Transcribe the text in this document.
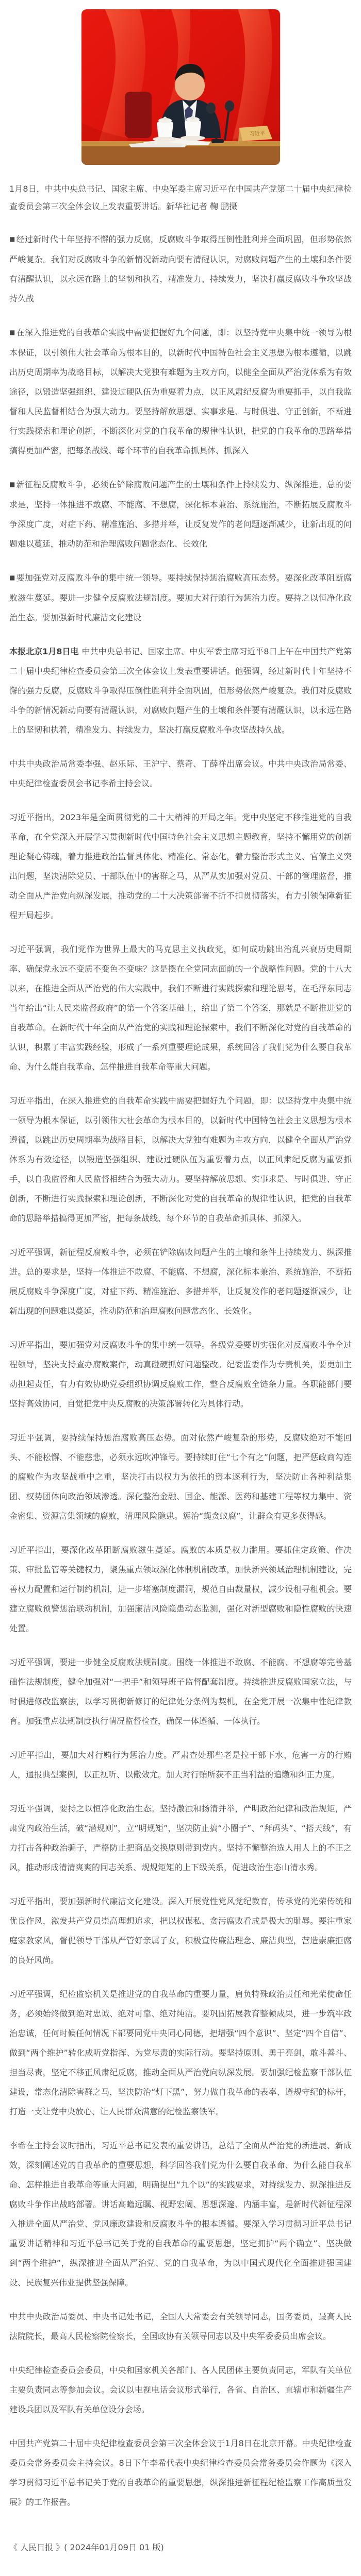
习近平

1月8日，中共中央总书记、国家主席、中央军委主席习近平在中国共产党第二十届中央纪律检查委员会第三次全体会议上发表重要讲话。新华社记者 鞠 鹏摄

■ 经过新时代十年坚持不懈的强力反腐，反腐败斗争取得压倒性胜利并全面巩固，但形势依然严峻复杂。我们对反腐败斗争的新情况新动向要有清醒认识，对腐败问题产生的土壤和条件要有清醒认识，以永远在路上的坚韧和执着，精准发力、持续发力，坚决打赢反腐败斗争攻坚战持久战

■ 在深入推进党的自我革命实践中需要把握好九个问题，即：以坚持党中央集中统一领导为根本保证，以引领伟大社会革命为根本目的，以新时代中国特色社会主义思想为根本遵循，以跳出历史周期率为战略目标，以解决大党独有难题为主攻方向，以健全全面从严治党体系为有效途径，以锻造坚强组织、建设过硬队伍为重要着力点，以正风肃纪反腐为重要抓手，以自我监督和人民监督相结合为强大动力。要坚持解放思想、实事求是、与时俱进、守正创新，不断进行实践探索和理论创新，不断深化对党的自我革命的规律性认识，把党的自我革命的思路举措搞得更加严密，把每条战线、每个环节的自我革命抓具体、抓深入

■ 新征程反腐败斗争，必须在铲除腐败问题产生的土壤和条件上持续发力、纵深推进。总的要求是，坚持一体推进不敢腐、不能腐、不想腐，深化标本兼治、系统施治，不断拓展反腐败斗争深度广度，对症下药、精准施治、多措并举，让反复发作的老问题逐渐减少，让新出现的问题难以蔓延，推动防范和治理腐败问题常态化、长效化

■ 要加强党对反腐败斗争的集中统一领导。要持续保持惩治腐败高压态势。要深化改革阻断腐败滋生蔓延。要进一步健全反腐败法规制度。要加大对行贿行为惩治力度。要持之以恒净化政治生态。要加强新时代廉洁文化建设

本报北京1月8日电 中共中央总书记、国家主席、中央军委主席习近平8日上午在中国共产党第二十届中央纪律检查委员会第三次全体会议上发表重要讲话。他强调，经过新时代十年坚持不懈的强力反腐，反腐败斗争取得压倒性胜利并全面巩固，但形势依然严峻复杂。我们对反腐败斗争的新情况新动向要有清醒认识，对腐败问题产生的土壤和条件要有清醒认识，以永远在路上的坚韧和执着，精准发力、持续发力，坚决打赢反腐败斗争攻坚战持久战。

中共中央政治局常委李强、赵乐际、王沪宁、蔡奇、丁薛祥出席会议。中共中央政治局常委、中央纪律检查委员会书记李希主持会议。

习近平指出，2023年是全面贯彻党的二十大精神的开局之年。党中央坚定不移推进党的自我革命，在全党深入开展学习贯彻新时代中国特色社会主义思想主题教育，坚持不懈用党的创新理论凝心铸魂，着力推进政治监督具体化、精准化、常态化，着力整治形式主义、官僚主义突出问题，坚决清除党员、干部队伍中的害群之马，从严从实加强对党员、干部的管理监督，推动全面从严治党向纵深发展，推动党的二十大决策部署不折不扣贯彻落实，有力引领保障新征程开局起步。

习近平强调，我们党作为世界上最大的马克思主义执政党，如何成功跳出治乱兴衰历史周期率、确保党永远不变质不变色不变味？这是摆在全党同志面前的一个战略性问题。党的十八大以来，在推进全面从严治党的伟大实践中，我们不断进行实践探索和理论思考，在毛泽东同志当年给出“让人民来监督政府”的第一个答案基础上，给出了第二个答案，那就是不断推进党的自我革命。在新时代十年全面从严治党的实践和理论探索中，我们不断深化对党的自我革命的认识，积累了丰富实践经验，形成了一系列重要理论成果，系统回答了我们党为什么要自我革命、为什么能自我革命、怎样推进自我革命等重大问题。

习近平指出，在深入推进党的自我革命实践中需要把握好九个问题，即：以坚持党中央集中统一领导为根本保证，以引领伟大社会革命为根本目的，以新时代中国特色社会主义思想为根本遵循，以跳出历史周期率为战略目标，以解决大党独有难题为主攻方向，以健全全面从严治党体系为有效途径，以锻造坚强组织、建设过硬队伍为重要着力点，以正风肃纪反腐为重要抓手，以自我监督和人民监督相结合为强大动力。要坚持解放思想、实事求是、与时俱进、守正创新，不断进行实践探索和理论创新，不断深化对党的自我革命的规律性认识，把党的自我革命的思路举措搞得更加严密，把每条战线、每个环节的自我革命抓具体、抓深入。

习近平强调，新征程反腐败斗争，必须在铲除腐败问题产生的土壤和条件上持续发力、纵深推进。总的要求是，坚持一体推进不敢腐、不能腐、不想腐，深化标本兼治、系统施治，不断拓展反腐败斗争深度广度，对症下药、精准施治、多措并举，让反复发作的老问题逐渐减少，让新出现的问题难以蔓延，推动防范和治理腐败问题常态化、长效化。

习近平指出，要加强党对反腐败斗争的集中统一领导。各级党委要切实强化对反腐败斗争全过程领导，坚决支持查办腐败案件，动真碰硬抓好问题整改。纪委监委作为专责机关，要更加主动担起责任，有力有效协助党委组织协调反腐败工作，整合反腐败全链条力量。各职能部门要坚持高效协同，自觉把党中央反腐败的决策部署转化为具体行动。

习近平强调，要持续保持惩治腐败高压态势。面对依然严峻复杂的形势，反腐败绝对不能回头、不能松懈、不能慈悲，必须永远吹冲锋号。要持续盯住“七个有之”问题，把严惩政商勾连的腐败作为攻坚战重中之重，坚决打击以权力为依托的资本逐利行为，坚决防止各种利益集团、权势团体向政治领域渗透。深化整治金融、国企、能源、医药和基建工程等权力集中、资金密集、资源富集领域的腐败，清理风险隐患。惩治“蝇贪蚁腐”，让群众有更多获得感。

习近平指出，要深化改革阻断腐败滋生蔓延。腐败的本质是权力滥用。要抓住定政策、作决策、审批监管等关键权力，聚焦重点领域深化体制机制改革，加快新兴领域治理机制建设，完善权力配置和运行制约机制，进一步堵塞制度漏洞，规范自由裁量权，减少设租寻租机会。要建立腐败预警惩治联动机制，加强廉洁风险隐患动态监测，强化对新型腐败和隐性腐败的快速处置。

习近平强调，要进一步健全反腐败法规制度。围绕一体推进不敢腐、不能腐、不想腐等完善基础性法规制度，健全加强对“一把手”和领导班子监督配套制度。持续推进反腐败国家立法，与时俱进修改监察法，以学习贯彻新修订的纪律处分条例为契机，在全党开展一次集中性纪律教育。加强重点法规制度执行情况监督检查，确保一体遵循、一体执行。

习近平指出，要加大对行贿行为惩治力度。严肃查处那些老是拉干部下水、危害一方的行贿人，通报典型案例，以正视听、以儆效尤。加大对行贿所获不正当利益的追缴和纠正力度。

习近平强调，要持之以恒净化政治生态。坚持激浊和扬清并举，严明政治纪律和政治规矩，严肃党内政治生活，破“潜规则”，立“明规矩”，坚决防止搞“小圈子”、“拜码头”、“搭天线”，有力打击各种政治骗子，严格防止把商品交换原则带到党内。坚持不懈整治选人用人上的不正之风，推动形成清清爽爽的同志关系、规规矩矩的上下级关系，促进政治生态山清水秀。

习近平指出，要加强新时代廉洁文化建设。深入开展党性党风党纪教育，传承党的光荣传统和优良作风，激发共产党员崇高理想追求，把以权谋私、贪污腐败看成是极大的耻辱。要注重家庭家教家风，督促领导干部从严管好亲属子女，积极宣传廉洁理念、廉洁典型，营造崇廉拒腐的良好风尚。

习近平强调，纪检监察机关是推进党的自我革命的重要力量，肩负特殊政治责任和光荣使命任务，必须始终做到绝对忠诚、绝对可靠、绝对纯洁。要巩固拓展教育整顿成果，进一步筑牢政治忠诚，任何时候任何情况下都要同党中央同心同德，把增强“四个意识”、坚定“四个自信”、做到“两个维护”转化成听党指挥、为党尽责的实际行动。要坚持原则、勇于亮剑，敢斗善斗、担当尽责，坚定不移正风肃纪反腐，推动全面从严治党向纵深发展。要加强纪检监察干部队伍建设，常态化清除害群之马，坚决防治“灯下黑”，努力做自我革命的表率、遵规守纪的标杆，打造一支让党中央放心、让人民群众满意的纪检监察铁军。

李希在主持会议时指出，习近平总书记发表的重要讲话，总结了全面从严治党的新进展、新成效，深刻阐述党的自我革命的重要思想，科学回答我们党为什么要自我革命、为什么能自我革命、怎样推进自我革命等重大问题，明确提出“九个以”的实践要求，对持续发力、纵深推进反腐败斗争作出战略部署。讲话高瞻远瞩、视野宏阔、思想深邃、内涵丰富，是新时代新征程深入推进全面从严治党、党风廉政建设和反腐败斗争的根本遵循。要深入学习贯彻习近平总书记重要讲话精神和习近平总书记关于党的自我革命的重要思想，坚定拥护“两个确立”、坚决做到“两个维护”，纵深推进全面从严治党、党的自我革命，为以中国式现代化全面推进强国建设、民族复兴伟业提供坚强保障。

中共中央政治局委员、中央书记处书记，全国人大常委会有关领导同志，国务委员，最高人民法院院长，最高人民检察院检察长，全国政协有关领导同志以及中央军委委员出席会议。

中央纪律检查委员会委员，中央和国家机关各部门、各人民团体主要负责同志，军队有关单位主要负责同志等参加会议。会议以电视电话会议形式举行，各省、自治区、直辖市和新疆生产建设兵团以及军队有关单位设分会场。

中国共产党第二十届中央纪律检查委员会第三次全体会议于1月8日在北京开幕。中央纪律检查委员会常务委员会主持会议。8日下午李希代表中央纪律检查委员会常务委员会作题为《深入学习贯彻习近平总书记关于党的自我革命的重要思想，纵深推进新征程纪检监察工作高质量发展》的工作报告。

《 人民日报 》( 2024年01月09日 01 版)
